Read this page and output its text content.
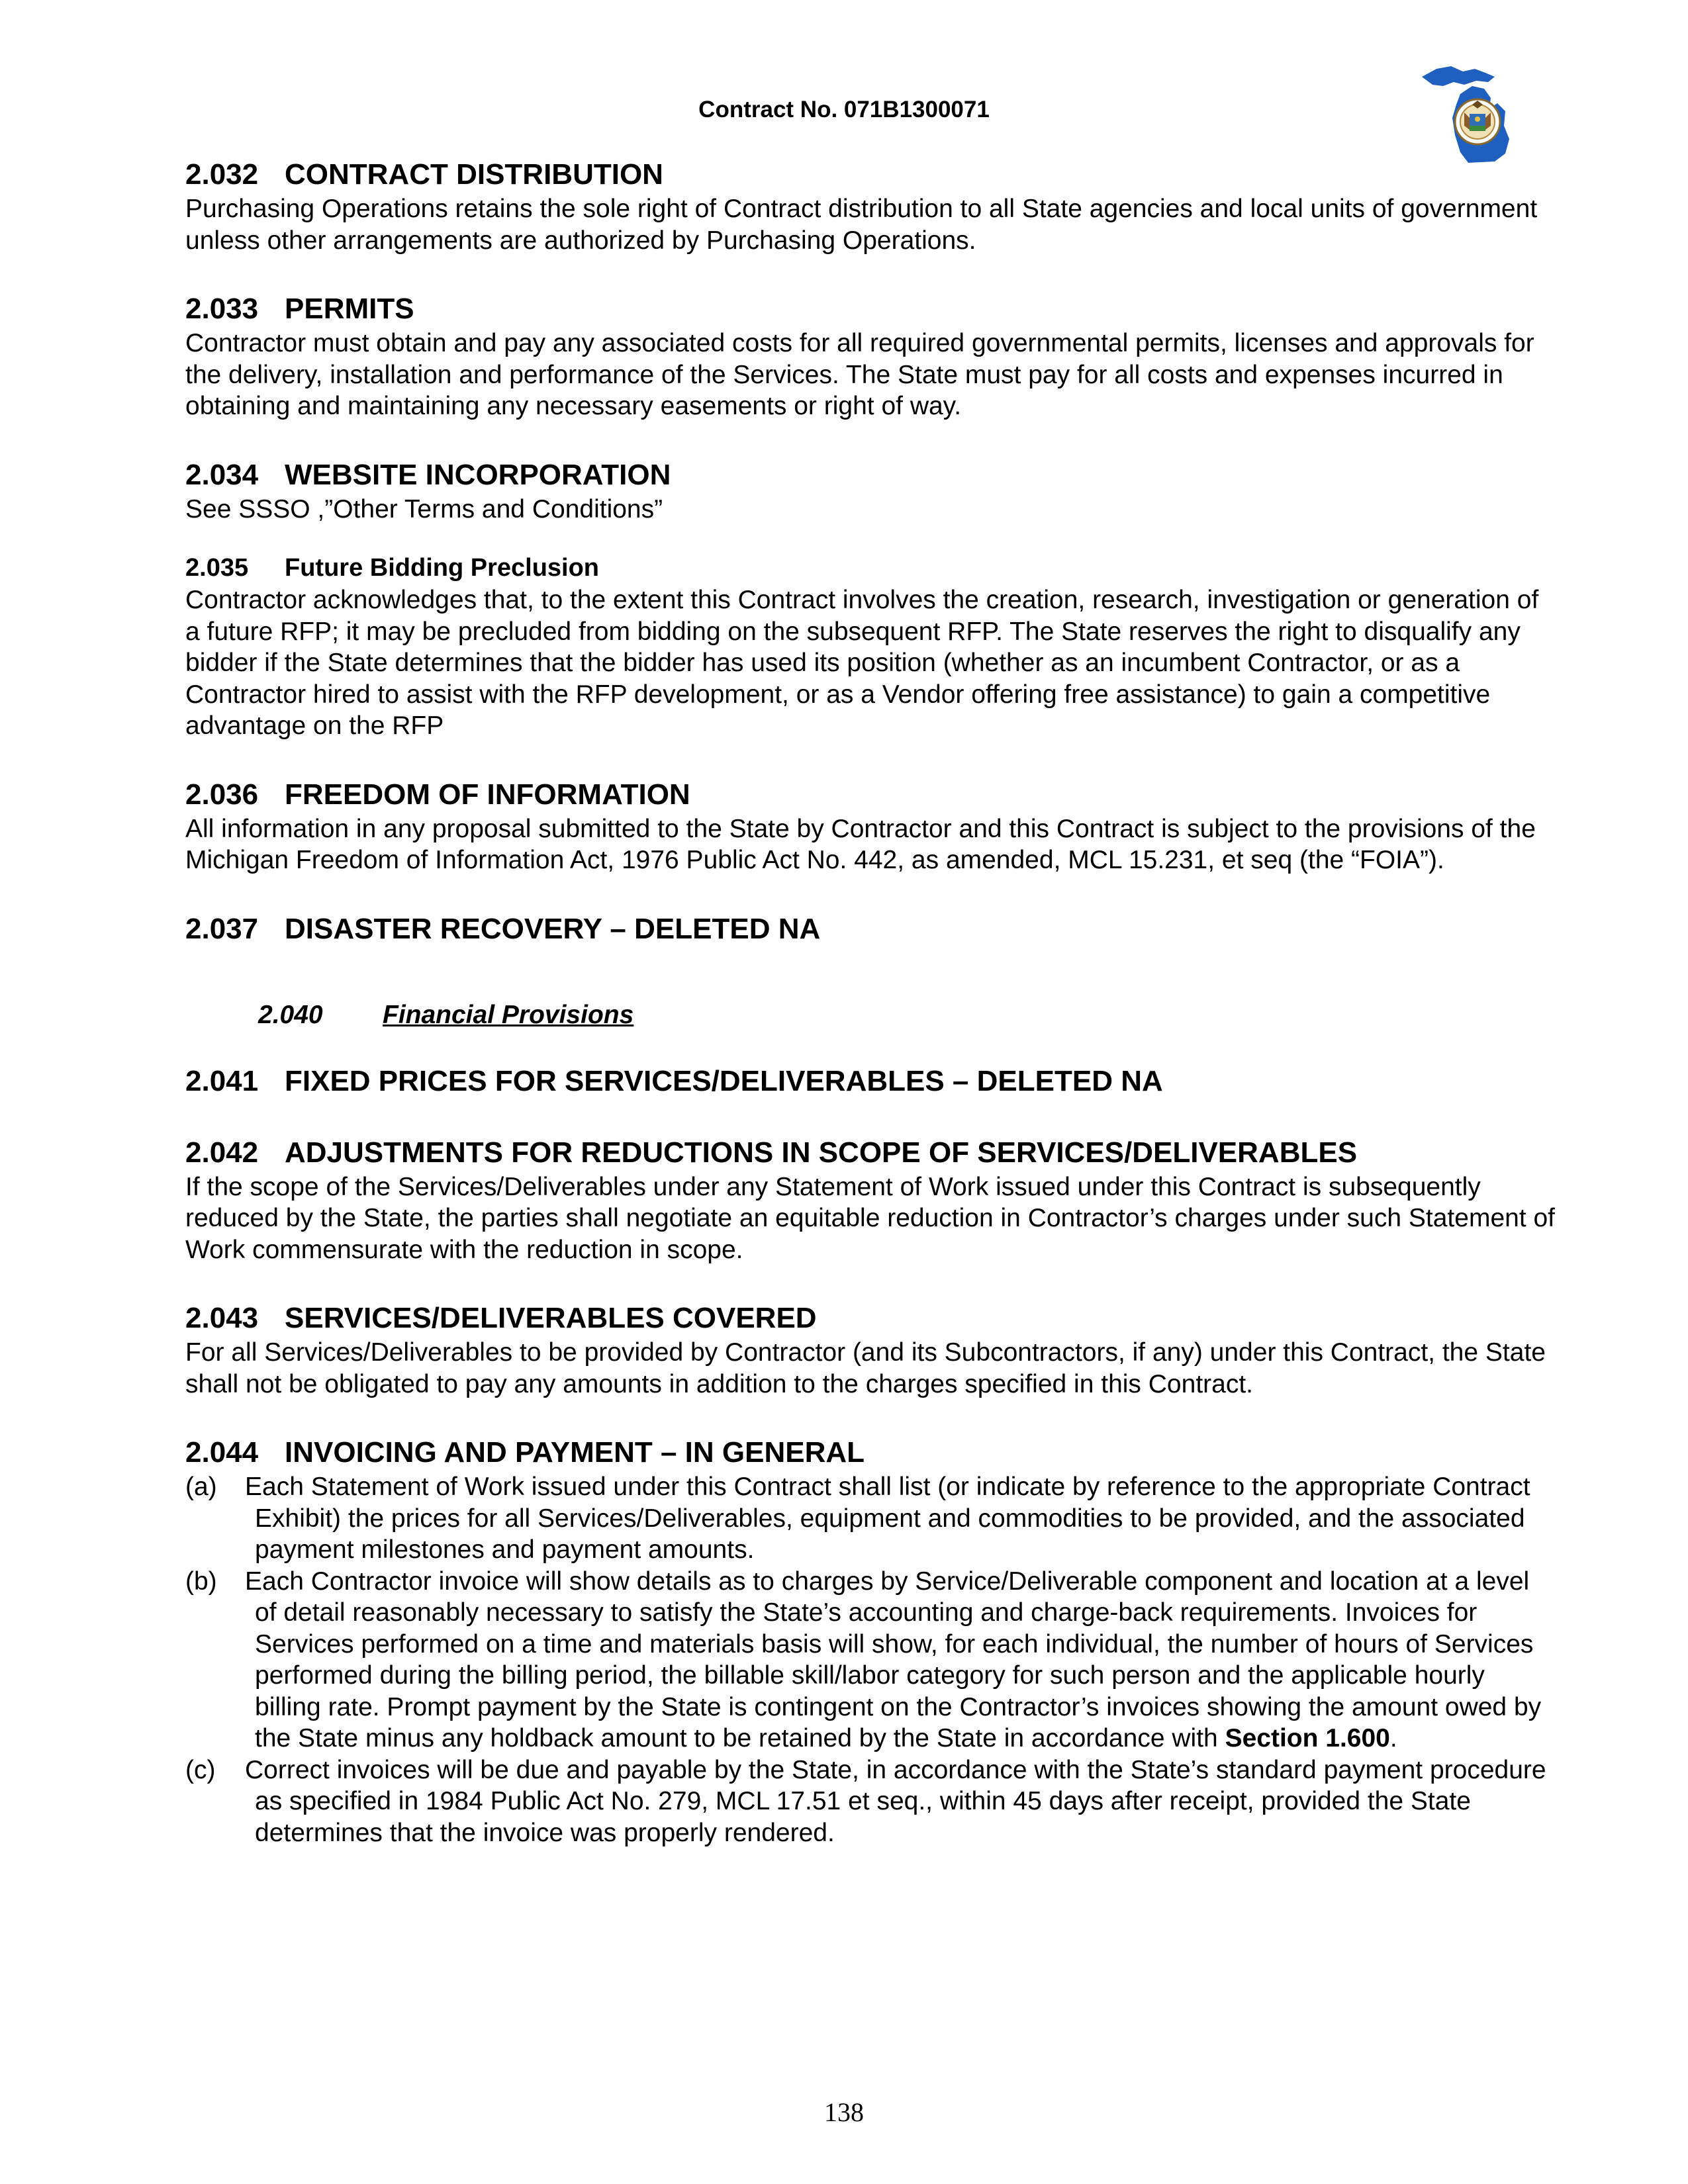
Contract No. 071B1300071
2.032 CONTRACT DISTRIBUTION

Purchasing Operations retains the sole right of Contract distribution to all State agencies and local units of government unless other arrangements are authorized by Purchasing Operations.

2.033 PERMITS

Contractor must obtain and pay any associated costs for all required governmental permits, licenses and approvals for the delivery, installation and performance of the Services. The State must pay for all costs and expenses incurred in obtaining and maintaining any necessary easements or right of way.

2.034 WEBSITE INCORPORATION

See SSSO ,”Other Terms and Conditions”

2.035 Future Bidding Preclusion

Contractor acknowledges that, to the extent this Contract involves the creation, research, investigation or generation of a future RFP; it may be precluded from bidding on the subsequent RFP. The State reserves the right to disqualify any bidder if the State determines that the bidder has used its position (whether as an incumbent Contractor, or as a Contractor hired to assist with the RFP development, or as a Vendor offering free assistance) to gain a competitive advantage on the RFP

2.036 FREEDOM OF INFORMATION

All information in any proposal submitted to the State by Contractor and this Contract is subject to the provisions of the Michigan Freedom of Information Act, 1976 Public Act No. 442, as amended, MCL 15.231, et seq (the “FOIA”).

2.037 DISASTER RECOVERY – DELETED NA
2.040 Financial Provisions
2.041 FIXED PRICES FOR SERVICES/DELIVERABLES – DELETED NA
2.042 ADJUSTMENTS FOR REDUCTIONS IN SCOPE OF SERVICES/DELIVERABLES

If the scope of the Services/Deliverables under any Statement of Work issued under this Contract is subsequently reduced by the State, the parties shall negotiate an equitable reduction in Contractor’s charges under such Statement of Work commensurate with the reduction in scope.

2.043 SERVICES/DELIVERABLES COVERED

For all Services/Deliverables to be provided by Contractor (and its Subcontractors, if any) under this Contract, the State shall not be obligated to pay any amounts in addition to the charges specified in this Contract.

2.044 INVOICING AND PAYMENT – IN GENERAL
(a) Each Statement of Work issued under this Contract shall list (or indicate by reference to the appropriate Contract Exhibit) the prices for all Services/Deliverables, equipment and commodities to be provided, and the associated payment milestones and payment amounts.
(b) Each Contractor invoice will show details as to charges by Service/Deliverable component and location at a level of detail reasonably necessary to satisfy the State’s accounting and charge-back requirements. Invoices for Services performed on a time and materials basis will show, for each individual, the number of hours of Services performed during the billing period, the billable skill/labor category for such person and the applicable hourly billing rate. Prompt payment by the State is contingent on the Contractor’s invoices showing the amount owed by the State minus any holdback amount to be retained by the State in accordance with Section 1.600.
(c) Correct invoices will be due and payable by the State, in accordance with the State’s standard payment procedure as specified in 1984 Public Act No. 279, MCL 17.51 et seq., within 45 days after receipt, provided the State determines that the invoice was properly rendered.
138
